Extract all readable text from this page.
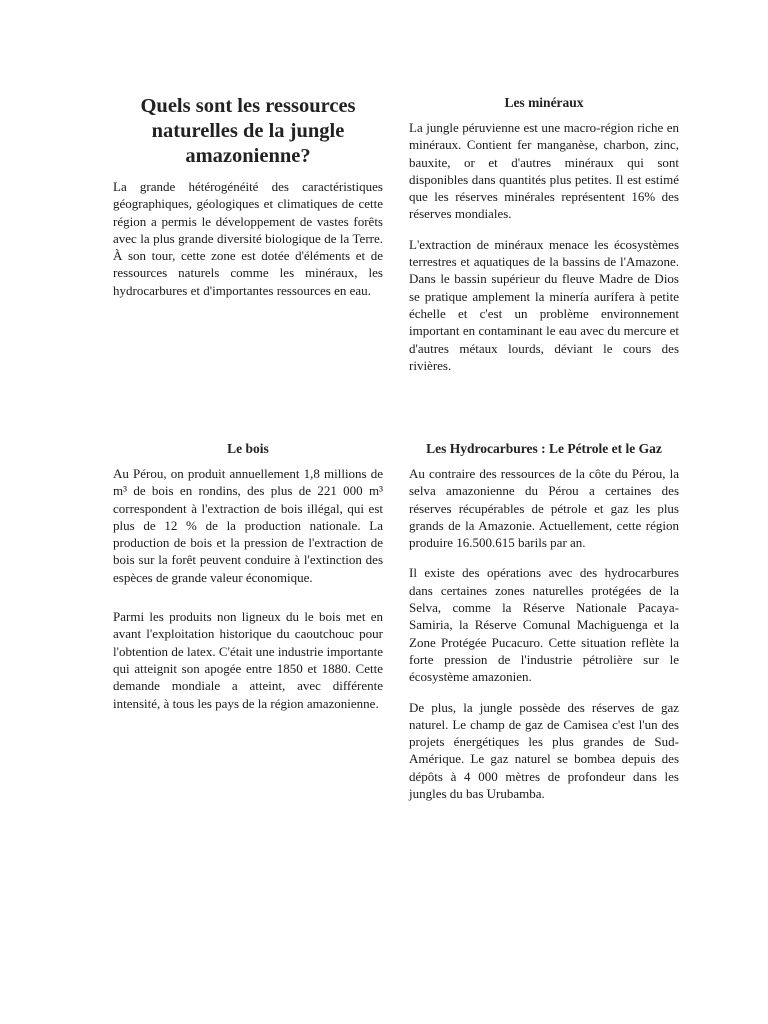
Quels sont les ressources naturelles de la jungle amazonienne?

La grande hétérogénéité des caractéristiques géographiques, géologiques et climatiques de cette région a permis le développement de vastes forêts avec la plus grande diversité biologique de la Terre. À son tour, cette zone est dotée d'éléments et de ressources naturels comme les minéraux, les hydrocarbures et d'importantes ressources en eau.

Les minéraux

La jungle péruvienne est une macro-région riche en minéraux. Contient fer manganèse, charbon, zinc, bauxite, or et d'autres minéraux qui sont disponibles dans quantités plus petites. Il est estimé que les réserves minérales représentent 16% des réserves mondiales.

L'extraction de minéraux menace les écosystèmes terrestres et aquatiques de la bassins de l'Amazone. Dans le bassin supérieur du fleuve Madre de Dios se pratique amplement la minería aurífera à petite échelle et c'est un problème environnement important en contaminant le eau avec du mercure et d'autres métaux lourds, déviant le cours des rivières.

Le bois

Au Pérou, on produit annuellement 1,8 millions de m³ de bois en rondins, des plus de 221 000 m³ correspondent à l'extraction de bois illégal, qui est plus de 12 % de la production nationale. La production de bois et la pression de l'extraction de bois sur la forêt peuvent conduire à l'extinction des espèces de grande valeur économique.

Parmi les produits non ligneux du le bois met en avant l'exploitation historique du caoutchouc pour l'obtention de latex. C'était une industrie importante qui atteignit son apogée entre 1850 et 1880. Cette demande mondiale a atteint, avec différente intensité, à tous les pays de la région amazonienne.

Les Hydrocarbures : Le Pétrole et le Gaz

Au contraire des ressources de la côte du Pérou, la selva amazonienne du Pérou a certaines des réserves récupérables de pétrole et gaz les plus grands de la Amazonie. Actuellement, cette région produire 16.500.615 barils par an.

Il existe des opérations avec des hydrocarbures dans certaines zones naturelles protégées de la Selva, comme la Réserve Nationale Pacaya-Samiria, la Réserve Comunal Machiguenga et la Zone Protégée Pucacuro. Cette situation reflète la forte pression de l'industrie pétrolière sur le écosystème amazonien.

De plus, la jungle possède des réserves de gaz naturel. Le champ de gaz de Camisea c'est l'un des projets énergétiques les plus grandes de Sud-Amérique. Le gaz naturel se bombea depuis des dépôts à 4 000 mètres de profondeur dans les jungles du bas Urubamba.
